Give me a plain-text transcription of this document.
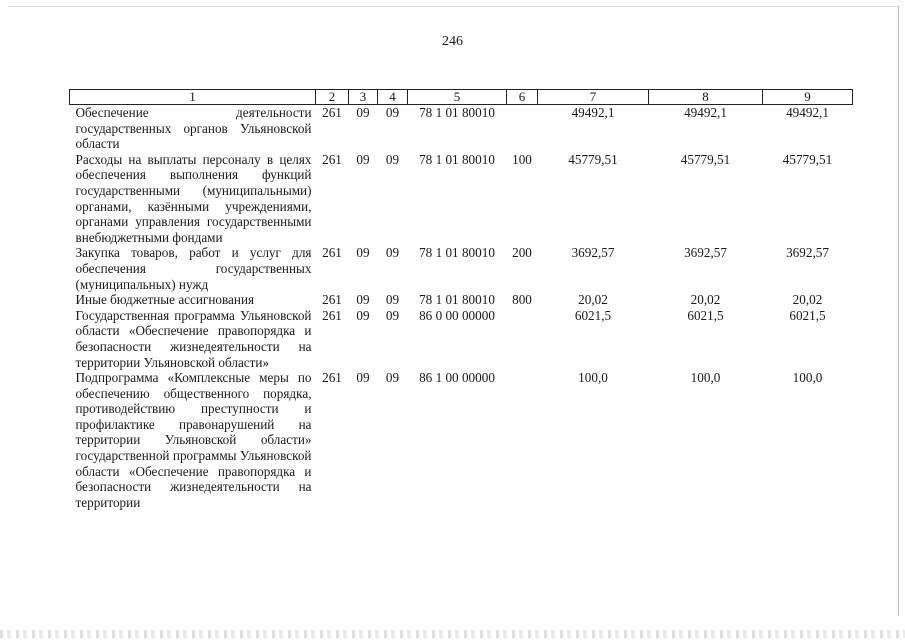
246
1	2	3	4	5	6	7	8	9
Обеспечение деятельности государственных органов Ульяновской области	261	09	09	78 1 01 80010		49492,1	49492,1	49492,1
Расходы на выплаты персоналу в целях обеспечения выполнения функций государственными (муниципальными) органами, казёнными учреждениями, органами управления государственными внебюджетными фондами	261	09	09	78 1 01 80010	100	45779,51	45779,51	45779,51
Закупка товаров, работ и услуг для обеспечения государственных (муниципальных) нужд	261	09	09	78 1 01 80010	200	3692,57	3692,57	3692,57
Иные бюджетные ассигнования	261	09	09	78 1 01 80010	800	20,02	20,02	20,02
Государственная программа Ульяновской области «Обеспечение правопорядка и безопасности жизнедеятельности на территории Ульяновской области»	261	09	09	86 0 00 00000		6021,5	6021,5	6021,5
Подпрограмма «Комплексные меры по обеспечению общественного порядка, противодействию преступности и профилактике правонарушений на территории Ульяновской области» государственной программы Ульяновской области «Обеспечение правопорядка и безопасности жизнедеятельности на территории	261	09	09	86 1 00 00000		100,0	100,0	100,0
